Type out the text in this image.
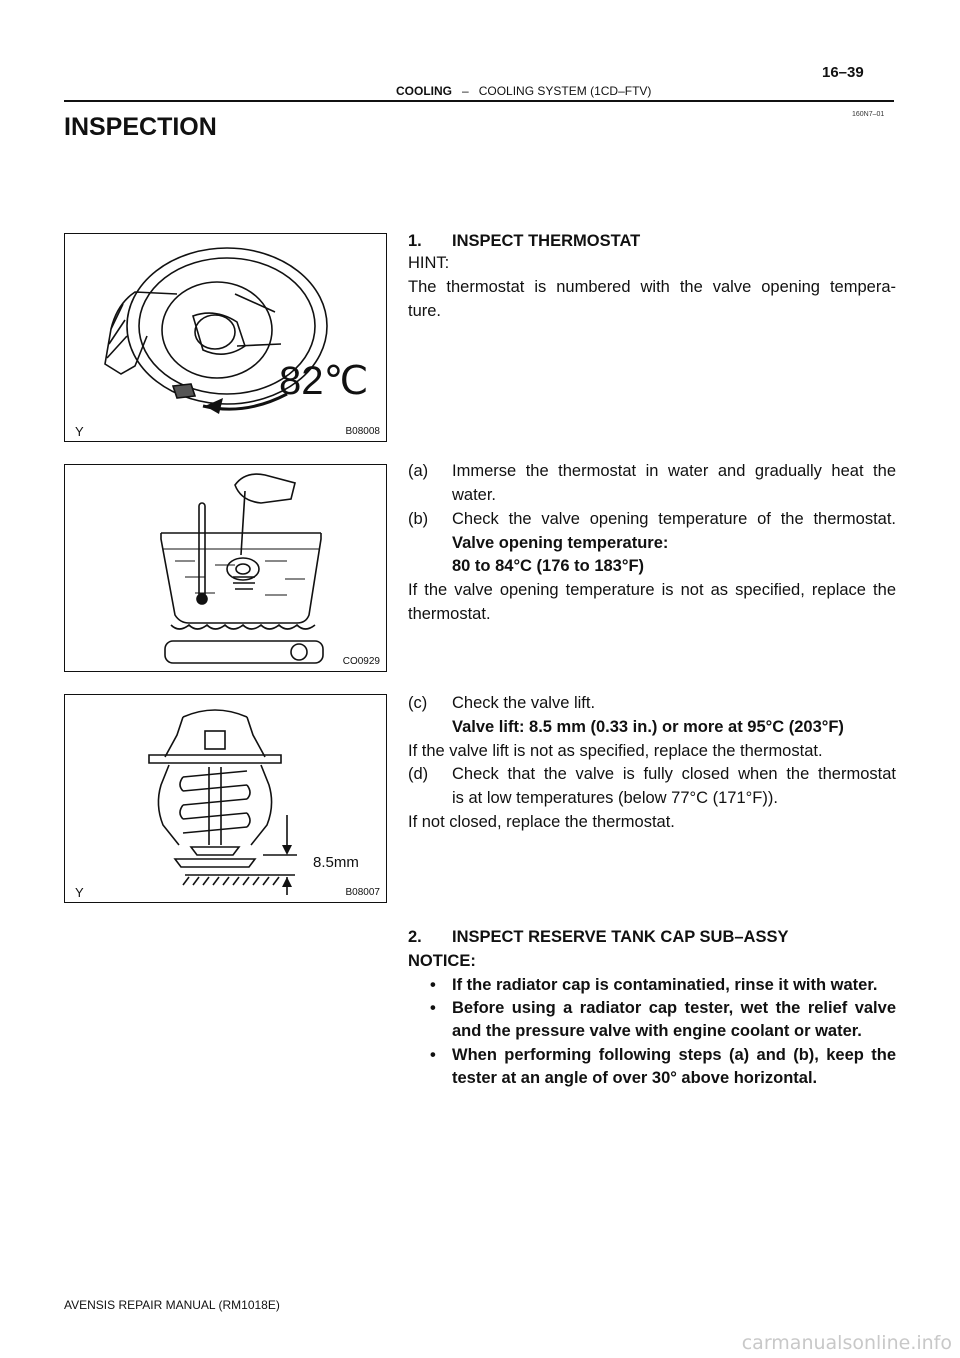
16–39
COOLING – COOLING SYSTEM (1CD–FTV)
160N7–01
INSPECTION
82℃
Y	B08008
CO0929
8.5mm
Y	B08007
1. INSPECT THERMOSTAT
HINT:
The thermostat is numbered with the valve opening tempera-
ture.
(a) Immerse the thermostat in water and gradually heat the
water.
(b) Check the valve opening temperature of the thermostat.
Valve opening temperature:
80 to 84°C (176 to 183°F)
If the valve opening temperature is not as specified, replace the
thermostat.
(c) Check the valve lift.
Valve lift: 8.5 mm (0.33 in.) or more at 95°C (203°F)
If the valve lift is not as specified, replace the thermostat.
(d) Check that the valve is fully closed when the thermostat
is at low temperatures (below 77°C (171°F)).
If not closed, replace the thermostat.
2. INSPECT RESERVE TANK CAP SUB–ASSY
NOTICE:
• If the radiator cap is contaminatied, rinse it with water.
• Before using a radiator cap tester, wet the relief valve
and the pressure valve with engine coolant or water.
• When performing following steps (a) and (b), keep the
tester at an angle of over 30° above horizontal.
AVENSIS REPAIR MANUAL (RM1018E)
carmanualsonline.info
